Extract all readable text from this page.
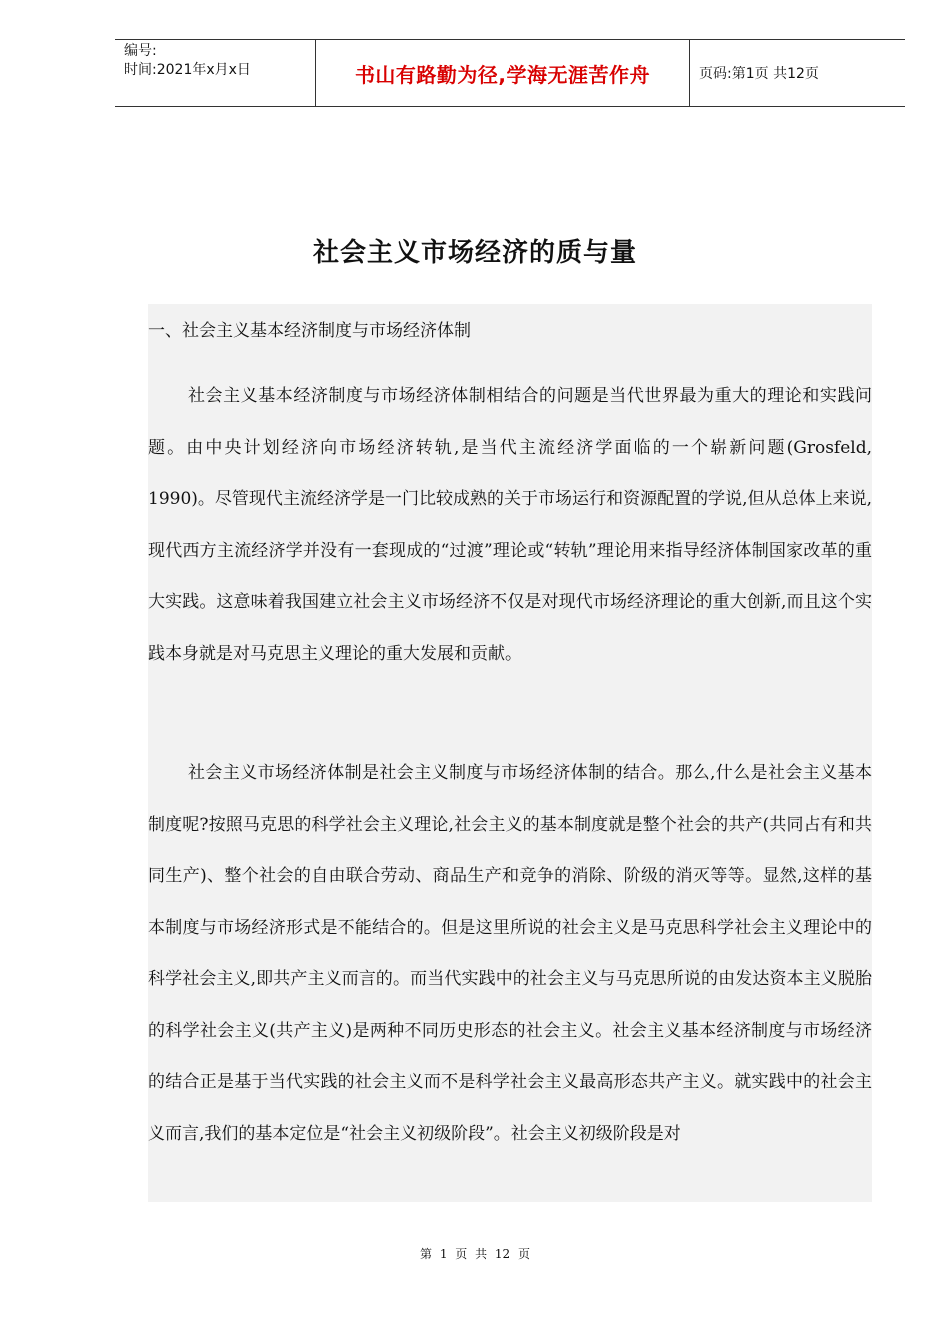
编号:
时间:2021年x月x日	书山有路勤为径,学海无涯苦作舟	页码:第1页 共12页
社会主义市场经济的质与量

一、社会主义基本经济制度与市场经济体制

社会主义基本经济制度与市场经济体制相结合的问题是当代世界最为重大的理论和实践问题。由中央计划经济向市场经济转轨,是当代主流经济学面临的一个崭新问题(Grosfeld, 1990)。尽管现代主流经济学是一门比较成熟的关于市场运行和资源配置的学说,但从总体上来说,现代西方主流经济学并没有一套现成的“过渡”理论或“转轨”理论用来指导经济体制国家改革的重大实践。这意味着我国建立社会主义市场经济不仅是对现代市场经济理论的重大创新,而且这个实践本身就是对马克思主义理论的重大发展和贡献。

社会主义市场经济体制是社会主义制度与市场经济体制的结合。那么,什么是社会主义基本制度呢?按照马克思的科学社会主义理论,社会主义的基本制度就是整个社会的共产(共同占有和共同生产)、整个社会的自由联合劳动、商品生产和竞争的消除、阶级的消灭等等。显然,这样的基本制度与市场经济形式是不能结合的。但是这里所说的社会主义是马克思科学社会主义理论中的科学社会主义,即共产主义而言的。而当代实践中的社会主义与马克思所说的由发达资本主义脱胎的科学社会主义(共产主义)是两种不同历史形态的社会主义。社会主义基本经济制度与市场经济的结合正是基于当代实践的社会主义而不是科学社会主义最高形态共产主义。就实践中的社会主义而言,我们的基本定位是“社会主义初级阶段”。社会主义初级阶段是对

第 1 页 共 12 页
